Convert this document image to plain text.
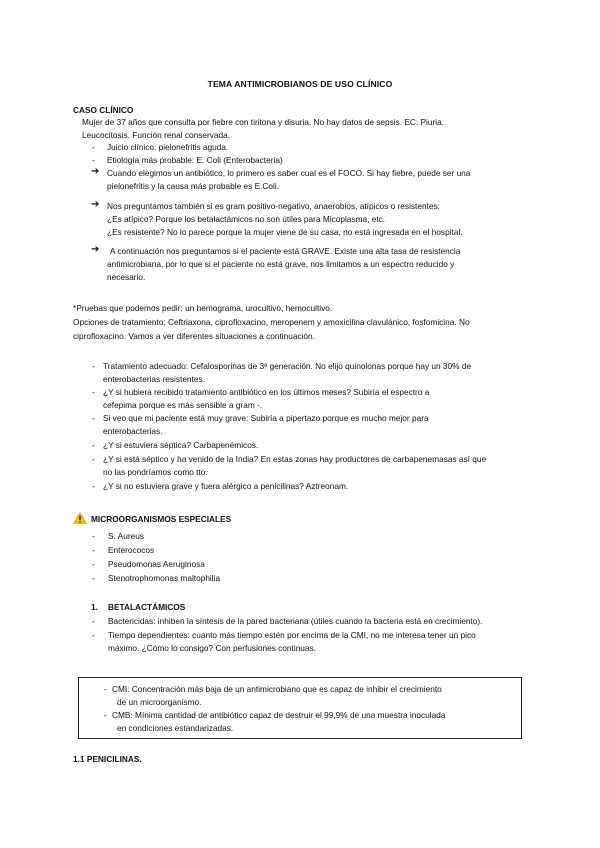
TEMA ANTIMICROBIANOS DE USO CLÍNICO
CASO CLÍNICO
Mujer de 37 años que consulta por fiebre con tiritona y disuria. No hay datos de sepsis. EC: Piuria.
Leucocitosis. Función renal conservada.
-	Juicio clínico: pielonefritis aguda.
-	Etiología más probable: E. Coli (Enterobacteria)
➔ Cuando elegimos un antibiótico, lo primero es saber cual es el FOCO. Si hay fiebre, puede ser una
pielonefritis y la causa más probable es E.Coli.
➔ Nos preguntamos también si es gram positivo-negativo, anaerobios, atípicos o resistentes:
¿Es atípico? Porque los betalactámicos no son útiles para Micoplasma, etc.
¿Es resistente? No lo parece porque la mujer viene de su casa, no está ingresada en el hospital.
➔ A continuación nos preguntamos si el paciente está GRAVE. Existe una alta tasa de resistencia
antimicrobiana, por lo que si el paciente no está grave, nos limitamos a un espectro reducido y
necesario.
*Pruebas que podemos pedir: un hemograma, urocultivo, hemocultivo.
Opciones de tratamiento: Ceftriaxona, ciprofloxacino, meropenem y amoxicilina clavulánico, fosfomicina. No
ciprofloxacino. Vamos a ver diferentes situaciones a continuación.
- Tratamiento adecuado: Cefalosporinas de 3ª generación. No elijo quinolonas porque hay un 30% de
enterobacterias resistentes.
- ¿Y si hubiera recibido tratamiento antibiótico en los últimos meses? Subiría el espectro a
cefepima porque es más sensible a gram -.
- Si veo que mi paciente está muy grave: Subiría a pipertazo porque es mucho mejor para
enterobacterias.
- ¿Y si estuviera séptica? Carbapenémicos.
- ¿Y si está séptico y ha venido de la India? En estas zonas hay productores de carbapenemasas así que
no las pondríamos como tto.
- ¿Y si no estuviera grave y fuera alérgico a penicilinas? Aztreonam.
MICROORGANISMOS ESPECIALES
-	S. Aureus
-	Enterococos
-	Pseudomonas Aeruginosa
-	Stenotrophomonas maltophilia
1. BETALACTÁMICOS
-	Bactericidas: inhiben la síntesis de la pared bacteriana (útiles cuando la bacteria está en crecimiento).
-	Tiempo dependientes: cuanto más tiempo estén por encima de la CMI, no me interesa tener un pico
máximo. ¿Cómo lo consigo? Con perfusiones continuas.
- CMI: Concentración más baja de un antimicrobiano que es capaz de inhibir el crecimiento
de un microorganismo.
- CMB: Mínima cantidad de antibiótico capaz de destruir el 99,9% de una muestra inoculada
en condiciones estandarizadas.
1.1 PENICILINAS.
